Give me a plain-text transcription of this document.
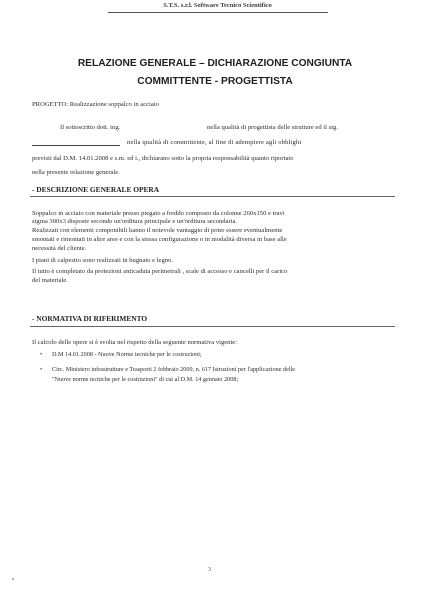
S.T.S. s.r.l. Software Tecnico Scientifico
RELAZIONE GENERALE – DICHIARAZIONE CONGIUNTA
COMMITTENTE - PROGETTISTA
PROGETTO: Realizzazione soppalco in acciaio
Il sottoscritto dott. ing.	nella qualità di progettista delle strutture ed il sig.
nella qualità di committente, al fine di adempiere agli obblighi
previsti dal D.M. 14.01.2008 e s.m. ed i., dichiarano sotto la propria responsabilità quanto riportato
nella presente relazione generale.
- DESCRIZIONE GENERALE OPERA
Soppalco in acciaio con materiale presso piegato a freddo composto da colonne 260x150 e travi
sigma 300x3 disposte secondo un'orditura principale e un'orditura secondaria.
Realizzati con elementi componibili hanno il notevole vantaggio di poter essere eventualmente
smontati e rimontati in altre aree e con la stessa configurazione o in modalità diversa in base alle
necessità del cliente.
I piani di calpestio sono realizzati in bugnato e legno.
Il tutto è completato da protezioni anticaduta perimetrali , scale di accesso e cancelli per il carico
del materiale.
- NORMATIVA DI RIFERIMENTO
Il calcolo delle opere si è svolta nel rispetto della seguente normativa vigente:
• D.M 14.01.2008 - Nuove Norme tecniche per le costruzioni;
• Circ. Ministero infrastrutture e Trasporti 2 febbraio 2009, n. 617 Istruzioni per l'applicazione delle
"Nuove norme tecniche per le costruzioni" di cui al D.M. 14 gennaio 2008;
3
